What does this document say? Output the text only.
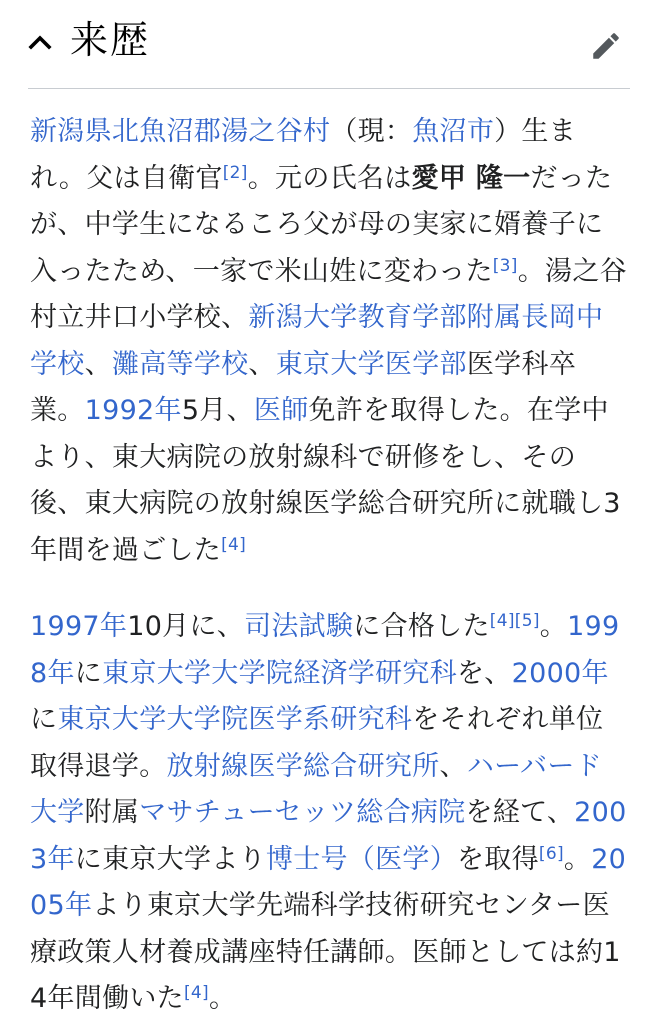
来歴

新潟県北魚沼郡湯之谷村（現：魚沼市）生まれ。父は自衛官[2]。元の氏名は愛甲 隆一だったが、中学生になるころ父が母の実家に婿養子に入ったため、一家で米山姓に変わった[3]。湯之谷村立井口小学校、新潟大学教育学部附属長岡中学校、灘高等学校、東京大学医学部医学科卒業。1992年5月、医師免許を取得した。在学中より、東大病院の放射線科で研修をし、その後、東大病院の放射線医学総合研究所に就職し3年間を過ごした[4]

1997年10月に、司法試験に合格した[4][5]。1998年に東京大学大学院経済学研究科を、2000年に東京大学大学院医学系研究科をそれぞれ単位取得退学。放射線医学総合研究所、ハーバード大学附属マサチューセッツ総合病院を経て、2003年に東京大学より博士号（医学）を取得[6]。2005年より東京大学先端科学技術研究センター医療政策人材養成講座特任講師。医師としては約14年間働いた[4]。
